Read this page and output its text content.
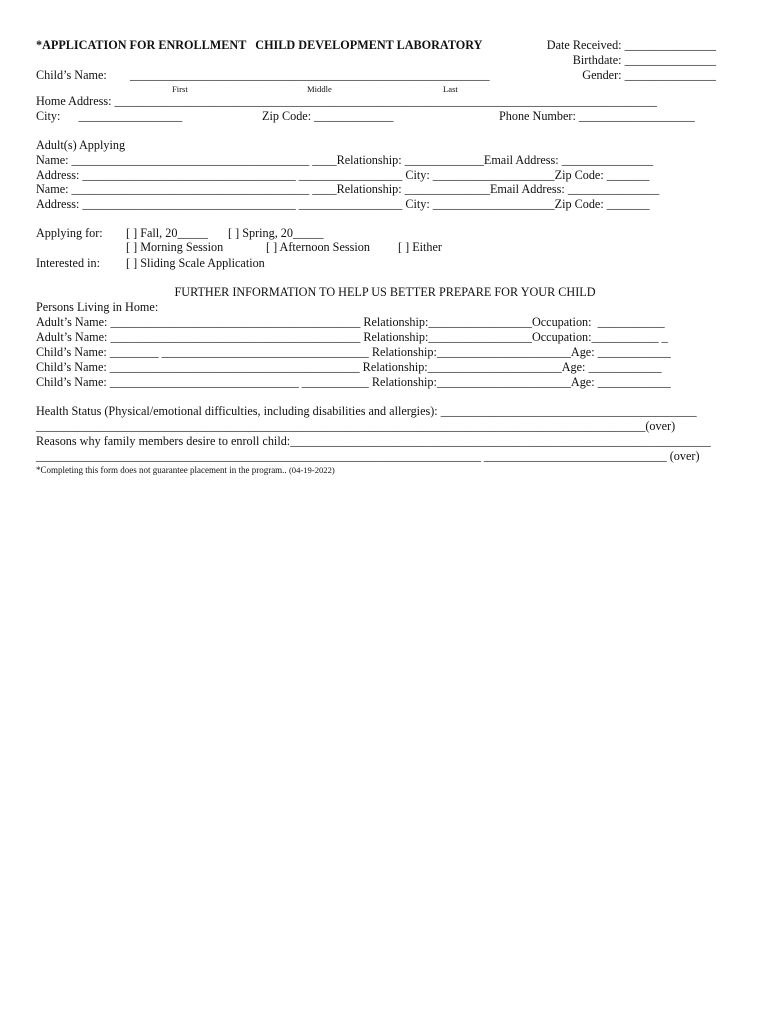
*APPLICATION FOR ENROLLMENT   CHILD DEVELOPMENT LABORATORY	Date Received: _______________
Birthdate: _______________
Gender: _______________
Child’s Name: ___________________________________________________________
First	Middle	Last
Home Address: _________________________________________________________________________________________
City:      _________________	Zip Code: _____________	Phone Number: ___________________
Adult(s) Applying
Name: _______________________________________ ____Relationship: _____________Email Address: _______________
Address: ___________________________________ _________________ City: ____________________Zip Code: _______
Name: _______________________________________ ____Relationship: ______________Email Address: _______________
Address: ___________________________________ _________________ City: ____________________Zip Code: _______
Applying for: [ ] Fall, 20_____ [ ] Spring, 20_____
[ ] Morning Session	[ ] Afternoon Session [ ] Either
Interested in: [ ] Sliding Scale Application
FURTHER INFORMATION TO HELP US BETTER PREPARE FOR YOUR CHILD
Persons Living in Home:
Adult’s Name: _________________________________________ Relationship:_________________Occupation:  ___________
Adult’s Name: _________________________________________ Relationship:_________________Occupation:___________ _
Child’s Name: ________ __________________________________ Relationship:______________________Age: ____________
Child’s Name: _________________________________________ Relationship:______________________Age: ____________
Child’s Name: _______________________________ ___________ Relationship:______________________Age: ____________
Health Status (Physical/emotional difficulties, including disabilities and allergies): __________________________________________
____________________________________________________________________________________________________(over)
Reasons why family members desire to enroll child:_____________________________________________________________________
_________________________________________________________________________ ______________________________ (over)
*Completing this form does not guarantee placement in the program.. (04-19-2022)
